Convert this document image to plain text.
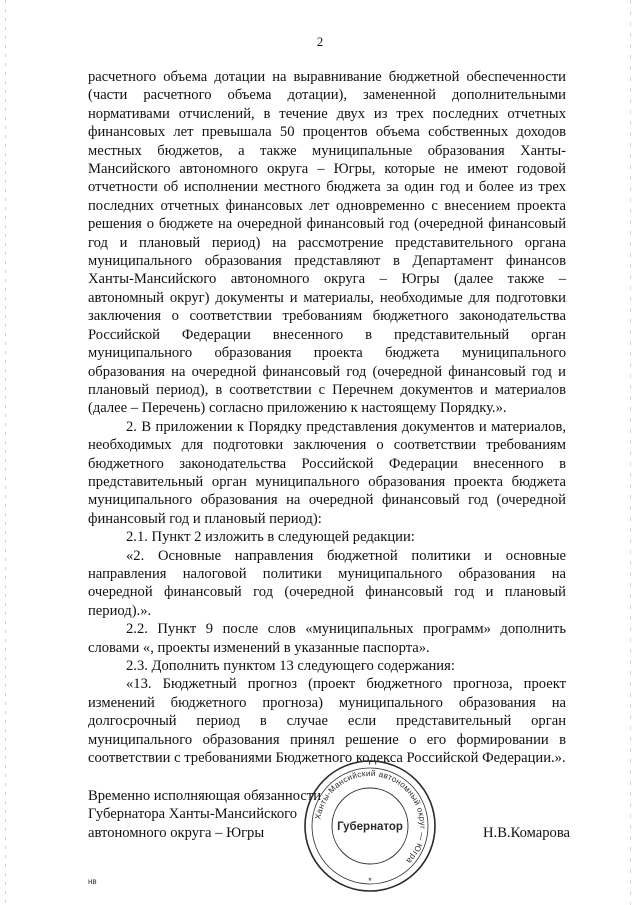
2

расчетного объема дотации на выравнивание бюджетной обеспеченности (части расчетного объема дотации), замененной дополнительными нормативами отчислений, в течение двух из трех последних отчетных финансовых лет превышала 50 процентов объема собственных доходов местных бюджетов, а также муниципальные образования Ханты-Мансийского автономного округа – Югры, которые не имеют годовой отчетности об исполнении местного бюджета за один год и более из трех последних отчетных финансовых лет одновременно с внесением проекта решения о бюджете на очередной финансовый год (очередной финансовый год и плановый период) на рассмотрение представительного органа муниципального образования представляют в Департамент финансов Ханты-Мансийского автономного округа – Югры (далее также – автономный округ) документы и материалы, необходимые для подготовки заключения о соответствии требованиям бюджетного законодательства Российской Федерации внесенного в представительный орган муниципального образования проекта бюджета муниципального образования на очередной финансовый год (очередной финансовый год и плановый период), в соответствии с Перечнем документов и материалов (далее – Перечень) согласно приложению к настоящему Порядку.».

2. В приложении к Порядку представления документов и материалов, необходимых для подготовки заключения о соответствии требованиям бюджетного законодательства Российской Федерации внесенного в представительный орган муниципального образования проекта бюджета муниципального образования на очередной финансовый год (очередной финансовый год и плановый период):

2.1. Пункт 2 изложить в следующей редакции:

«2. Основные направления бюджетной политики и основные направления налоговой политики муниципального образования на очередной финансовый год (очередной финансовый год и плановый период).».

2.2. Пункт 9 после слов «муниципальных программ» дополнить словами «, проекты изменений в указанные паспорта».

2.3. Дополнить пунктом 13 следующего содержания:

«13. Бюджетный прогноз (проект бюджетного прогноза, проект изменений бюджетного прогноза) муниципального образования на долгосрочный период в случае если представительный орган муниципального образования принял решение о его формировании в соответствии с требованиями Бюджетного кодекса Российской Федерации.».

Временно исполняющая обязанности
Губернатора Ханты-Мансийского
автономного округа – Югры
Ханты-Мансийский автономный округ — Югра
Губернатор
*
Н.В.Комарова
нв
